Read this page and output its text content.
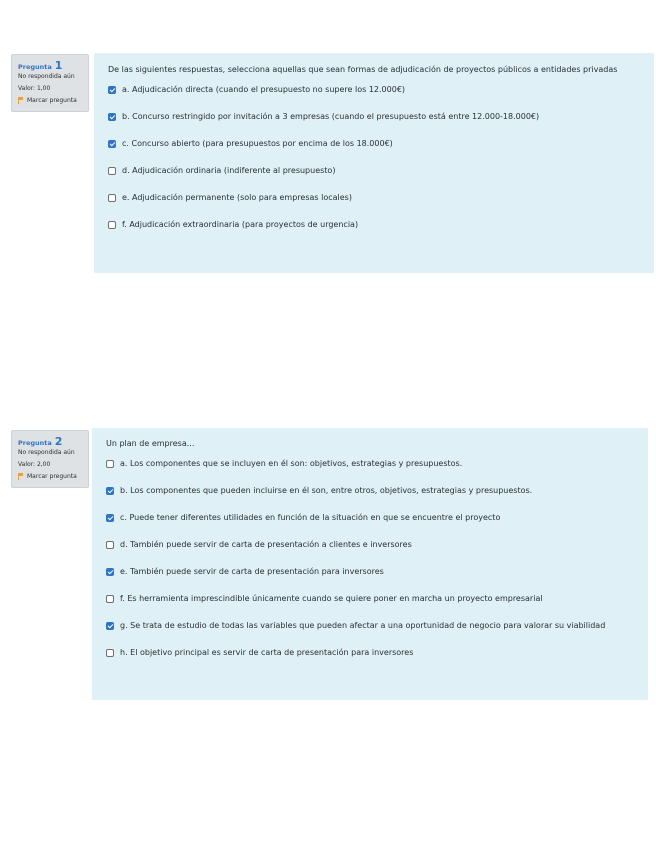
Pregunta 1
No respondida aún
Valor: 1,00
Marcar pregunta
De las siguientes respuestas, selecciona aquellas que sean formas de adjudicación de proyectos públicos a entidades privadas
a. Adjudicación directa (cuando el presupuesto no supere los 12.000€)
b. Concurso restringido por invitación a 3 empresas (cuando el presupuesto está entre 12.000-18.000€)
c. Concurso abierto (para presupuestos por encima de los 18.000€)
d. Adjudicación ordinaria (indiferente al presupuesto)
e. Adjudicación permanente (solo para empresas locales)
f. Adjudicación extraordinaria (para proyectos de urgencia)
Pregunta 2
No respondida aún
Valor: 2,00
Marcar pregunta
Un plan de empresa...
a. Los componentes que se incluyen en él son: objetivos, estrategias y presupuestos.
b. Los componentes que pueden incluirse en él son, entre otros, objetivos, estrategias y presupuestos.
c. Puede tener diferentes utilidades en función de la situación en que se encuentre el proyecto
d. También puede servir de carta de presentación a clientes e inversores
e. También puede servir de carta de presentación para inversores
f. Es herramienta imprescindible únicamente cuando se quiere poner en marcha un proyecto empresarial
g. Se trata de estudio de todas las variables que pueden afectar a una oportunidad de negocio para valorar su viabilidad
h. El objetivo principal es servir de carta de presentación para inversores
